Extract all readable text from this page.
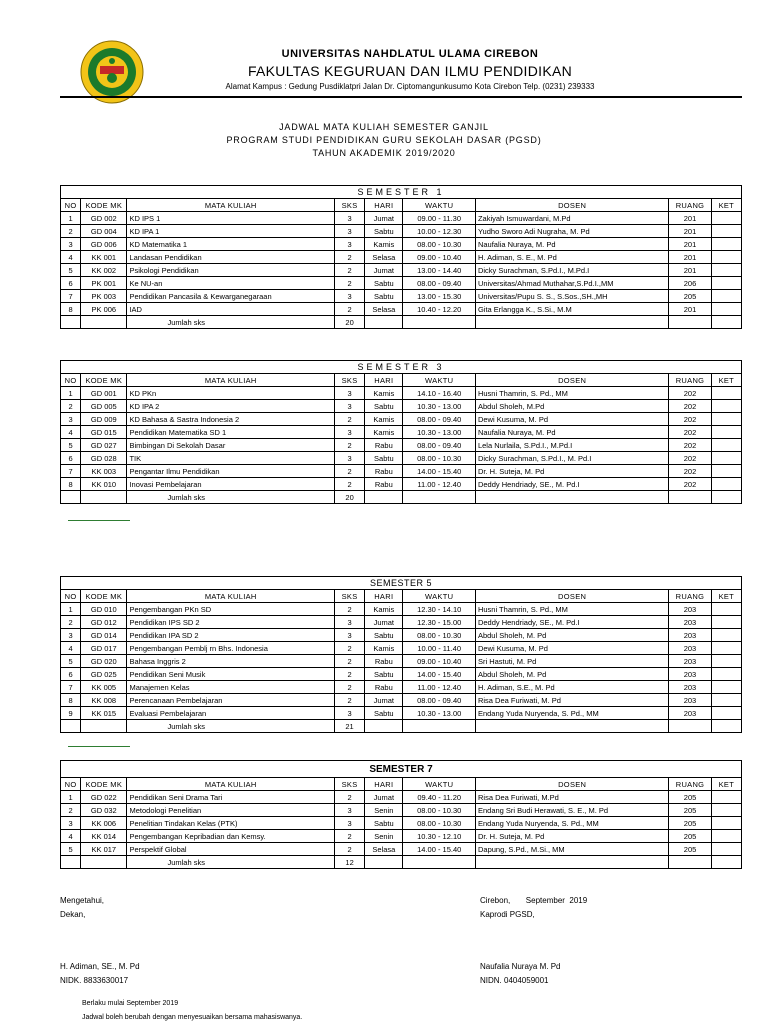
UNIVERSITAS NAHDLATUL ULAMA CIREBON
FAKULTAS KEGURUAN DAN ILMU PENDIDIKAN
Alamat Kampus : Gedung Pusdiklatpri Jalan Dr. Ciptomangunkusumo Kota Cirebon Telp. (0231) 239333
JADWAL MATA KULIAH SEMESTER GANJIL
PROGRAM STUDI PENDIDIKAN GURU SEKOLAH DASAR (PGSD)
TAHUN AKADEMIK 2019/2020
SEMESTER 1								
NO	KODE MK	MATA KULIAH	SKS	HARI	WAKTU	DOSEN	RUANG	KET
1	GD 002	KD IPS 1	3	Jumat	09.00 - 11.30	Zakiyah Ismuwardani, M.Pd	201	
2	GD 004	KD IPA 1	3	Sabtu	10.00 - 12.30	Yudho Sworo Adi Nugraha, M. Pd	201	
3	GD 006	KD Matematika 1	3	Kamis	08.00 - 10.30	Naufalia Nuraya, M. Pd	201	
4	KK 001	Landasan Pendidikan	2	Selasa	09.00 - 10.40	H. Adiman, S. E., M. Pd	201	
5	KK 002	Psikologi Pendidikan	2	Jumat	13.00 - 14.40	Dicky Surachman, S.Pd.I., M.Pd.I	201	
6	PK 001	Ke NU-an	2	Sabtu	08.00 - 09.40	Universitas/Ahmad Muthahar,S.Pd.I.,MM	206	
7	PK 003	Pendidikan Pancasila & Kewarganegaraan	3	Sabtu	13.00 - 15.30	Universitas/Pupu S. S., S.Sos.,SH.,MH	205	
8	PK 006	IAD	2	Selasa	10.40 - 12.20	Gita Erlangga K., S.Si., M.M	201	
		Jumlah sks	20					
SEMESTER 3								
NO	KODE MK	MATA KULIAH	SKS	HARI	WAKTU	DOSEN	RUANG	KET
1	GD 001	KD PKn	3	Kamis	14.10 - 16.40	Husni Thamrin, S. Pd., MM	202	
2	GD 005	KD IPA 2	3	Sabtu	10.30 - 13.00	Abdul Sholeh, M.Pd	202	
3	GD 009	KD Bahasa & Sastra Indonesia 2	2	Kamis	08.00 - 09.40	Dewi Kusuma, M. Pd	202	
4	GD 015	Pendidikan Matematika SD 1	3	Kamis	10.30 - 13.00	Naufalia Nuraya, M. Pd	202	
5	GD 027	Bimbingan Di Sekolah Dasar	2	Rabu	08.00 - 09.40	Lela Nurlaila, S.Pd.I., M.Pd.I	202	
6	GD 028	TIK	3	Sabtu	08.00 - 10.30	Dicky Surachman, S.Pd.I., M. Pd.I	202	
7	KK 003	Pengantar Ilmu Pendidikan	2	Rabu	14.00 - 15.40	Dr. H. Suteja, M. Pd	202	
8	KK 010	Inovasi Pembelajaran	2	Rabu	11.00 - 12.40	Deddy Hendriady, SE., M. Pd.I	202	
		Jumlah sks	20					
SEMESTER 5								
NO	KODE MK	MATA KULIAH	SKS	HARI	WAKTU	DOSEN	RUANG	KET
1	GD 010	Pengembangan PKn SD	2	Kamis	12.30 - 14.10	Husni Thamrin, S. Pd., MM	203	
2	GD 012	Pendidikan IPS SD 2	3	Jumat	12.30 - 15.00	Deddy Hendriady, SE., M. Pd.I	203	
3	GD 014	Pendidikan IPA SD 2	3	Sabtu	08.00 - 10.30	Abdul Sholeh, M. Pd	203	
4	GD 017	Pengembangan Pemblj rn Bhs. Indonesia	2	Kamis	10.00 - 11.40	Dewi Kusuma, M. Pd	203	
5	GD 020	Bahasa Inggris 2	2	Rabu	09.00 - 10.40	Sri Hastuti, M. Pd	203	
6	GD 025	Pendidikan Seni Musik	2	Sabtu	14.00 - 15.40	Abdul Sholeh, M. Pd	203	
7	KK 005	Manajemen Kelas	2	Rabu	11.00 - 12.40	H. Adiman, S.E., M. Pd	203	
8	KK 008	Perencanaan Pembelajaran	2	Jumat	08.00 - 09.40	Risa Dea Furiwati, M. Pd	203	
9	KK 015	Evaluasi Pembelajaran	3	Sabtu	10.30 - 13.00	Endang Yuda Nuryenda, S. Pd., MM	203	
		Jumlah sks	21					
SEMESTER 7								
NO	KODE MK	MATA KULIAH	SKS	HARI	WAKTU	DOSEN	RUANG	KET
1	GD 022	Pendidikan Seni Drama Tari	2	Jumat	09.40 - 11.20	Risa Dea Furiwati, M.Pd	205	
2	GD 032	Metodologi Penelitian	3	Senin	08.00 - 10.30	Endang Sri Budi Herawati, S. E., M. Pd	205	
3	KK 006	Penelitian Tindakan Kelas (PTK)	3	Sabtu	08.00 - 10.30	Endang Yuda Nuryenda, S. Pd., MM	205	
4	KK 014	Pengembangan Kepribadian dan Kemsy.	2	Senin	10.30 - 12.10	Dr. H. Suteja, M. Pd	205	
5	KK 017	Perspektif Global	2	Selasa	14.00 - 15.40	Dapung, S.Pd., M.Si., MM	205	
		Jumlah sks	12					
Mengetahui,
Dekan,
H. Adiman, SE., M. Pd
NIDK. 8833630017
Cirebon,       September  2019
Kaprodi PGSD,
Naufalia Nuraya M. Pd
NIDN. 0404059001
Berlaku mulai September 2019
Jadwal boleh berubah dengan menyesuaikan bersama mahasiswanya.
